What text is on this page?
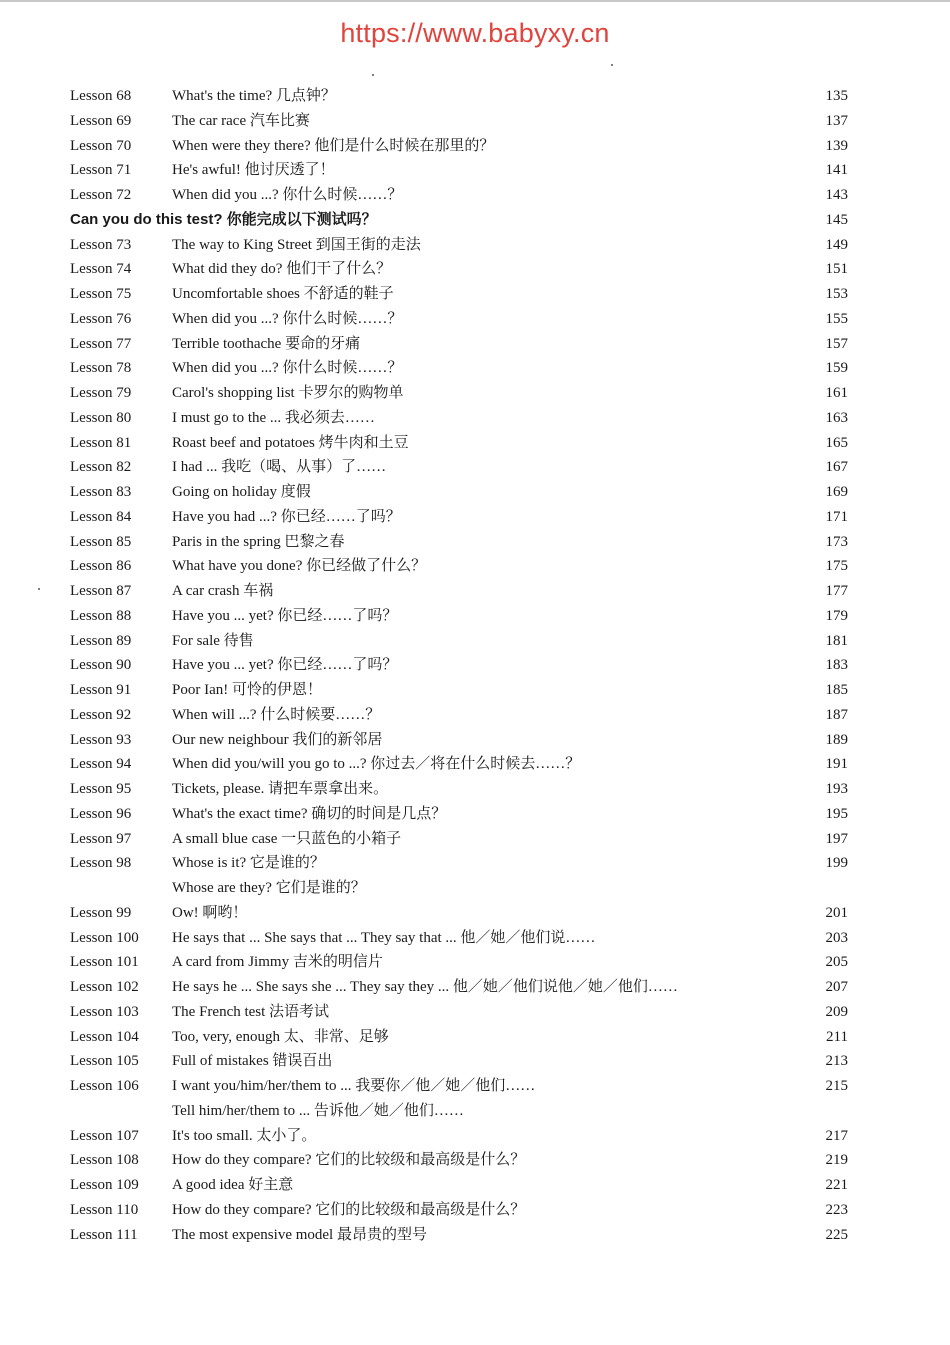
https://www.babyxy.cn
Lesson 68	What's the time? 几点钟？	135
Lesson 69	The car race 汽车比赛	137
Lesson 70	When were they there? 他们是什么时候在那里的？	139
Lesson 71	He's awful! 他讨厌透了！	141
Lesson 72	When did you ...? 你什么时候……？	143
Can you do this test? 你能完成以下测试吗？	145
Lesson 73	The way to King Street 到国王街的走法	149
Lesson 74	What did they do? 他们干了什么？	151
Lesson 75	Uncomfortable shoes 不舒适的鞋子	153
Lesson 76	When did you ...? 你什么时候……？	155
Lesson 77	Terrible toothache 要命的牙痛	157
Lesson 78	When did you ...? 你什么时候……？	159
Lesson 79	Carol's shopping list 卡罗尔的购物单	161
Lesson 80	I must go to the ... 我必须去……	163
Lesson 81	Roast beef and potatoes 烤牛肉和土豆	165
Lesson 82	I had ... 我吃（喝、从事）了……	167
Lesson 83	Going on holiday 度假	169
Lesson 84	Have you had ...? 你已经……了吗？	171
Lesson 85	Paris in the spring 巴黎之春	173
Lesson 86	What have you done? 你已经做了什么？	175
Lesson 87	A car crash 车祸	177
Lesson 88	Have you ... yet? 你已经……了吗？	179
Lesson 89	For sale 待售	181
Lesson 90	Have you ... yet? 你已经……了吗？	183
Lesson 91	Poor Ian! 可怜的伊恩！	185
Lesson 92	When will ...? 什么时候要……？	187
Lesson 93	Our new neighbour 我们的新邻居	189
Lesson 94	When did you/will you go to ...? 你过去／将在什么时候去……？	191
Lesson 95	Tickets, please. 请把车票拿出来。	193
Lesson 96	What's the exact time? 确切的时间是几点？	195
Lesson 97	A small blue case 一只蓝色的小箱子	197
Lesson 98	Whose is it? 它是谁的？	199
Whose are they? 它们是谁的？
Lesson 99	Ow! 啊哟！	201
Lesson 100	He says that ... She says that ... They say that ... 他／她／他们说……	203
Lesson 101	A card from Jimmy 吉米的明信片	205
Lesson 102	He says he ... She says she ... They say they ... 他／她／他们说他／她／他们……	207
Lesson 103	The French test 法语考试	209
Lesson 104	Too, very, enough 太、非常、足够	211
Lesson 105	Full of mistakes 错误百出	213
Lesson 106	I want you/him/her/them to ... 我要你／他／她／他们……	215
Tell him/her/them to ... 告诉他／她／他们……
Lesson 107	It's too small. 太小了。	217
Lesson 108	How do they compare? 它们的比较级和最高级是什么？	219
Lesson 109	A good idea 好主意	221
Lesson 110	How do they compare? 它们的比较级和最高级是什么？	223
Lesson 111	The most expensive model 最昂贵的型号	225
